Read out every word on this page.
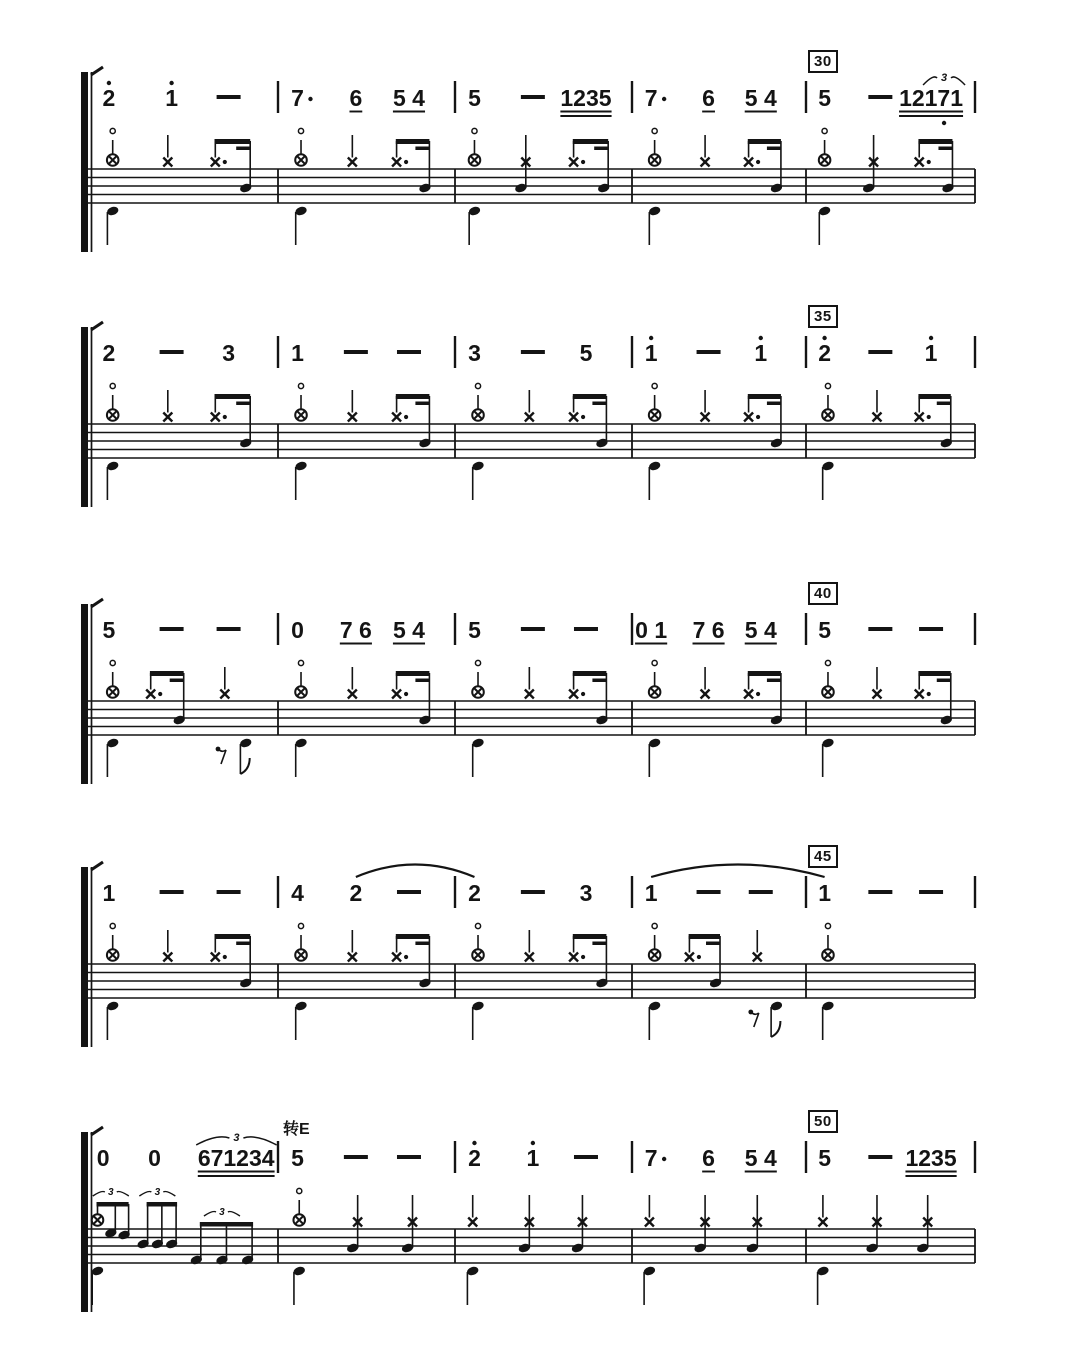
30
35
40
45
50
转E
2 1	7 6 5 4 5	1235 7 6 5 4 5	12171
3
2	3 1	3	5 1	1 2	1
5	0 7 6 5 4 5	0 1 7 6 5 4 5
1	4 2	2	3 1	1
0 0 671234
3
5	2 1	7 6 5 4 5	1235
3	3
3
